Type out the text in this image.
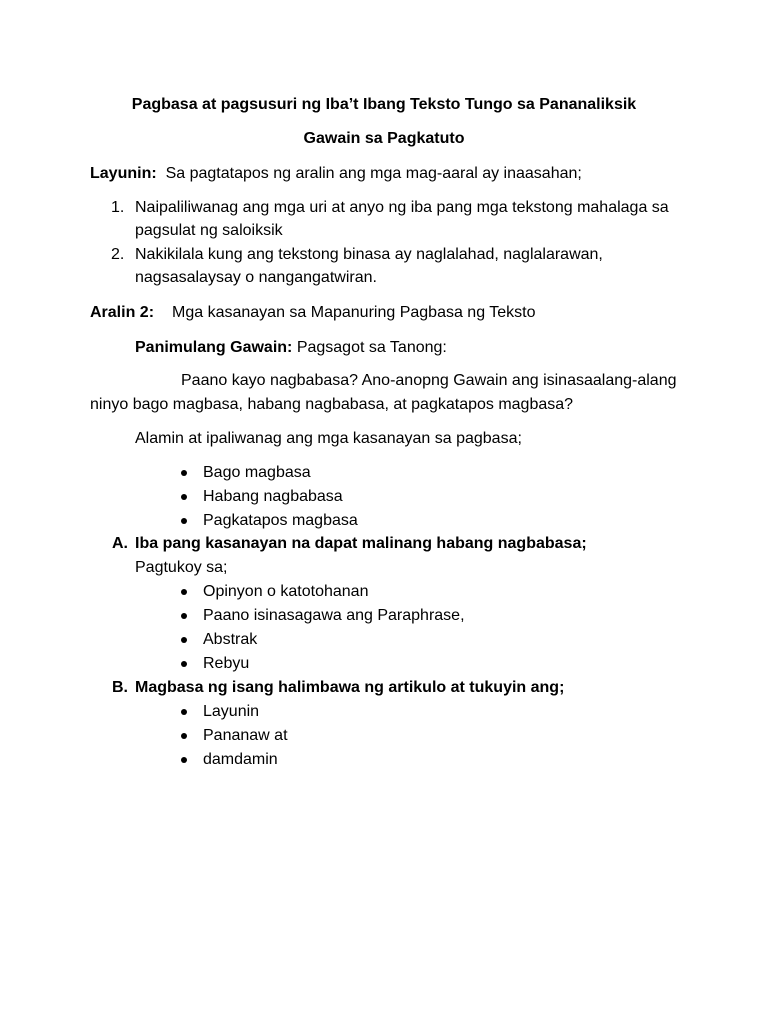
Pagbasa at pagsusuri ng Iba’t Ibang Teksto Tungo sa Pananaliksik
Gawain sa Pagkatuto
Layunin: Sa pagtatapos ng aralin ang mga mag-aaral ay inaasahan;
1. Naipaliliwanag ang mga uri at anyo ng iba pang mga tekstong mahalaga sa
pagsulat ng saloiksik
2. Nakikilala kung ang tekstong binasa ay naglalahad, naglalarawan,
nagsasalaysay o nangangatwiran.
Aralin 2: Mga kasanayan sa Mapanuring Pagbasa ng Teksto
Panimulang Gawain: Pagsagot sa Tanong:
Paano kayo nagbabasa? Ano-anopng Gawain ang isinasaalang-alang
ninyo bago magbasa, habang nagbabasa, at pagkatapos magbasa?
Alamin at ipaliwanag ang mga kasanayan sa pagbasa;
Bago magbasa
Habang nagbabasa
Pagkatapos magbasa
A. Iba pang kasanayan na dapat malinang habang nagbabasa;
Pagtukoy sa;
Opinyon o katotohanan
Paano isinasagawa ang Paraphrase,
Abstrak
Rebyu
B. Magbasa ng isang halimbawa ng artikulo at tukuyin ang;
Layunin
Pananaw at
damdamin
